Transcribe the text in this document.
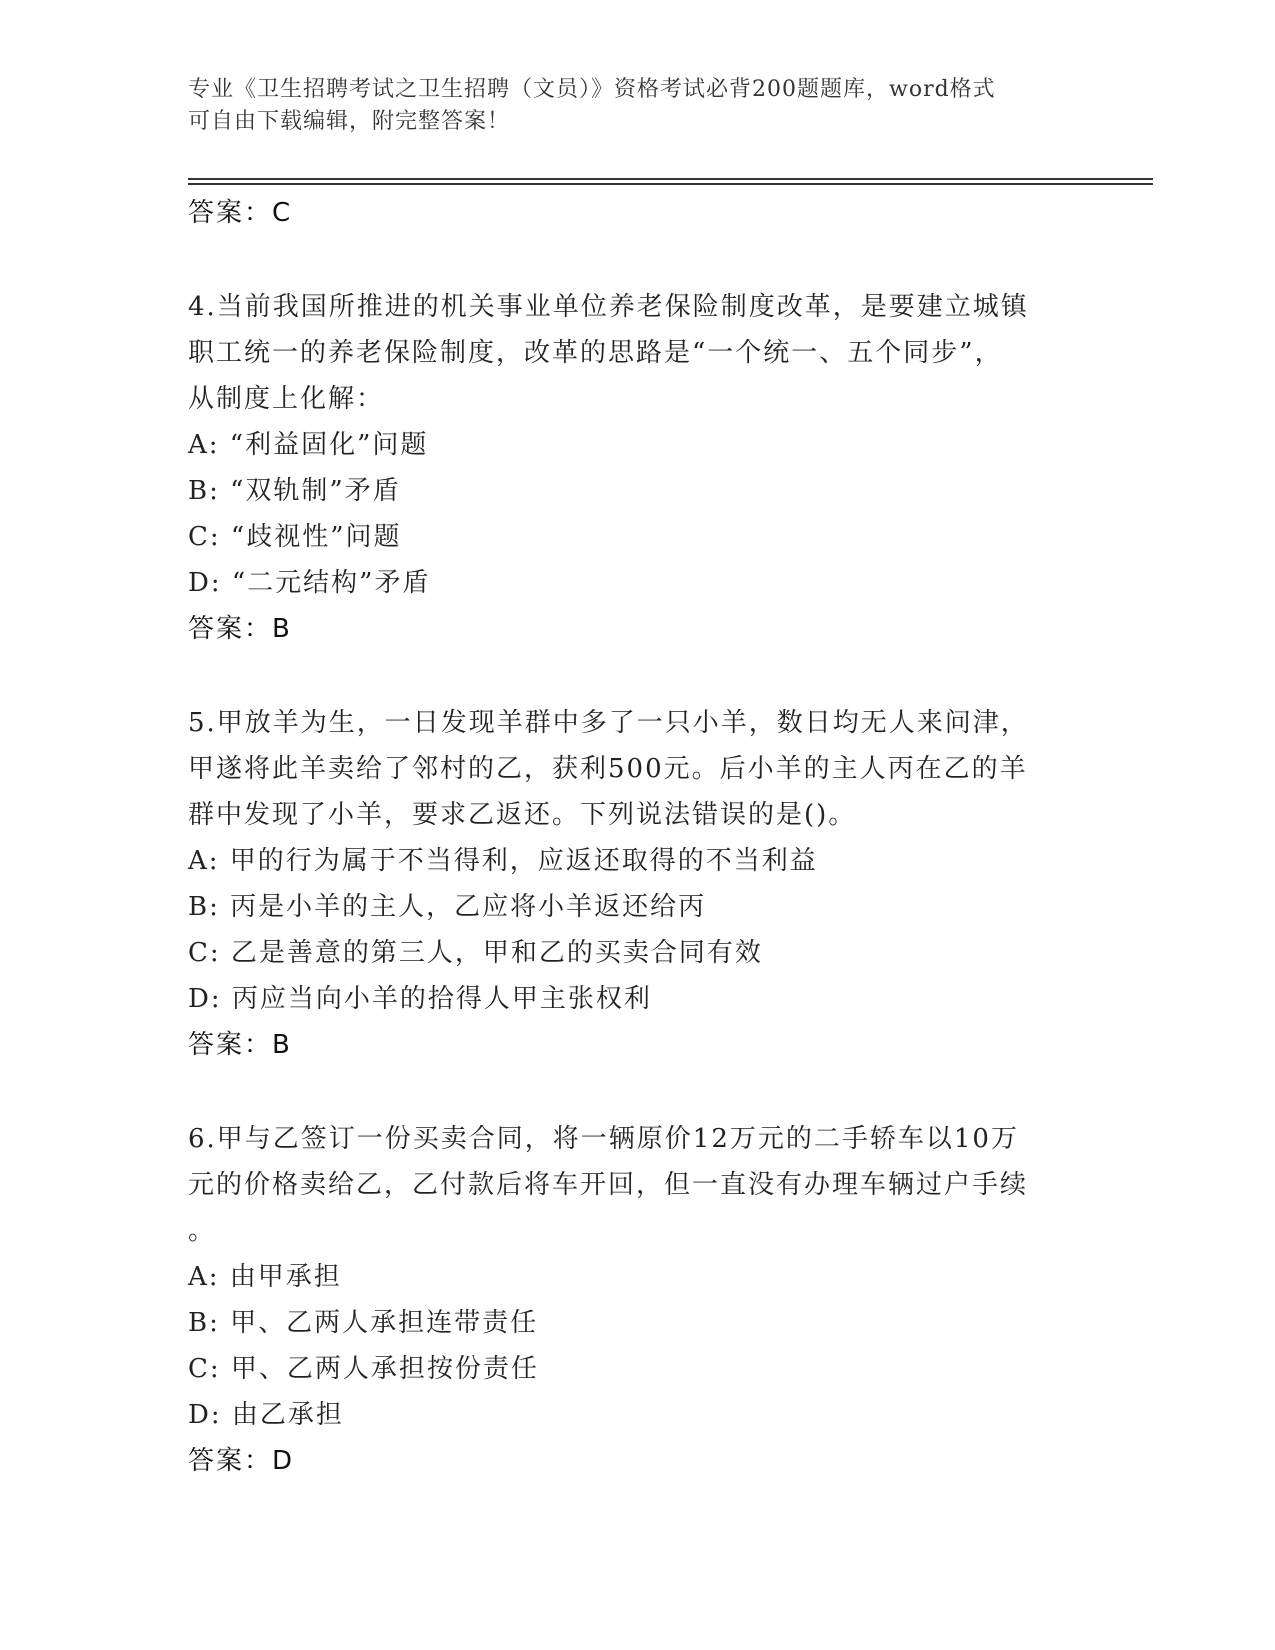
专业《卫生招聘考试之卫生招聘（文员）》资格考试必背200题题库，word格式
可自由下载编辑，附完整答案！
答案：C
4.当前我国所推进的机关事业单位养老保险制度改革，是要建立城镇
职工统一的养老保险制度，改革的思路是“一个统一、五个同步”，
从制度上化解：
A: “利益固化”问题
B: “双轨制”矛盾
C: “歧视性”问题
D: “二元结构”矛盾
答案：B
5.甲放羊为生，一日发现羊群中多了一只小羊，数日均无人来问津，
甲遂将此羊卖给了邻村的乙，获利500元。后小羊的主人丙在乙的羊
群中发现了小羊，要求乙返还。下列说法错误的是()。
A: 甲的行为属于不当得利，应返还取得的不当利益
B: 丙是小羊的主人，乙应将小羊返还给丙
C: 乙是善意的第三人，甲和乙的买卖合同有效
D: 丙应当向小羊的拾得人甲主张权利
答案：B
6.甲与乙签订一份买卖合同，将一辆原价12万元的二手轿车以10万
元的价格卖给乙，乙付款后将车开回，但一直没有办理车辆过户手续
。
A: 由甲承担
B: 甲、乙两人承担连带责任
C: 甲、乙两人承担按份责任
D: 由乙承担
答案：D
